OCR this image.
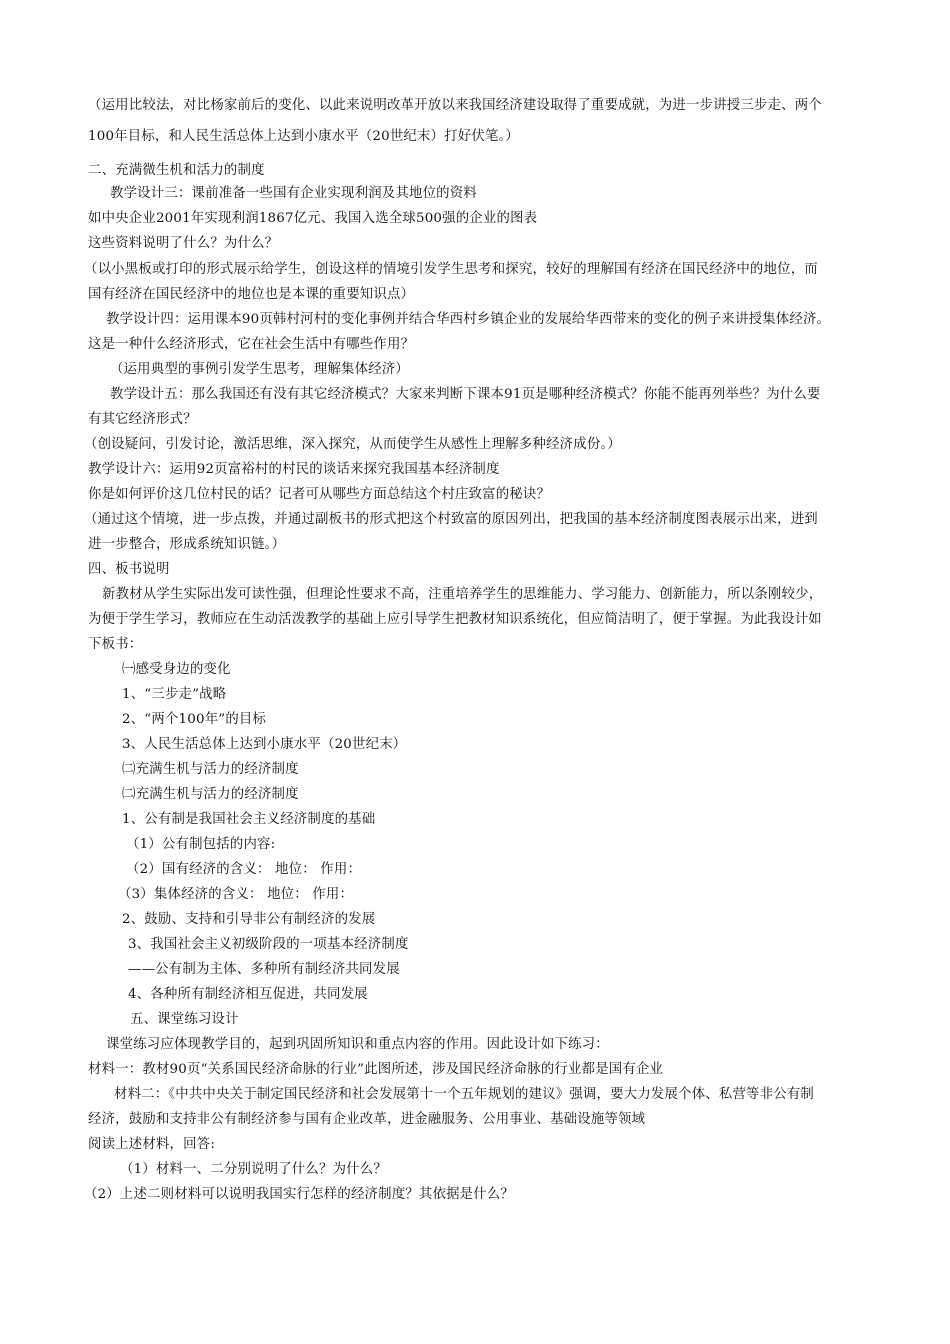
（运用比较法，对比杨家前后的变化、以此来说明改革开放以来我国经济建设取得了重要成就，为进一步讲授三步走、两个
100年目标，和人民生活总体上达到小康水平（20世纪末）打好伏笔。）
二、充满微生机和活力的制度
教学设计三：课前准备一些国有企业实现利润及其地位的资料
如中央企业2001年实现利润1867亿元、我国入选全球500强的企业的图表
这些资料说明了什么？为什么？
（以小黑板或打印的形式展示给学生，创设这样的情境引发学生思考和探究，较好的理解国有经济在国民经济中的地位，而
国有经济在国民经济中的地位也是本课的重要知识点）
教学设计四：运用课本90页韩村河村的变化事例并结合华西村乡镇企业的发展给华西带来的变化的例子来讲授集体经济。
这是一种什么经济形式，它在社会生活中有哪些作用？
（运用典型的事例引发学生思考，理解集体经济）
教学设计五：那么我国还有没有其它经济模式？大家来判断下课本91页是哪种经济模式？你能不能再列举些？为什么要
有其它经济形式？
（创设疑问，引发讨论，激活思维，深入探究，从而使学生从感性上理解多种经济成份。）
教学设计六：运用92页富裕村的村民的谈话来探究我国基本经济制度
你是如何评价这几位村民的话？记者可从哪些方面总结这个村庄致富的秘诀？
（通过这个情境，进一步点拨，并通过副板书的形式把这个村致富的原因列出，把我国的基本经济制度图表展示出来，进到
进一步整合，形成系统知识链。）
四、板书说明
新教材从学生实际出发可读性强，但理论性要求不高，注重培养学生的思维能力、学习能力、创新能力，所以条刚较少，
为便于学生学习，教师应在生动活泼教学的基础上应引导学生把教材知识系统化，但应简洁明了，便于掌握。为此我设计如
下板书：
㈠感受身边的变化
1、“三步走”战略
2、“两个100年”的目标
3、人民生活总体上达到小康水平（20世纪末）
㈡充满生机与活力的经济制度
㈡充满生机与活力的经济制度
1、公有制是我国社会主义经济制度的基础
（1）公有制包括的内容:
（2）国有经济的含义： 地位： 作用：
（3）集体经济的含义： 地位： 作用：
2、鼓励、支持和引导非公有制经济的发展
3、我国社会主义初级阶段的一项基本经济制度
——公有制为主体、多种所有制经济共同发展
4、各种所有制经济相互促进，共同发展
五、课堂练习设计
课堂练习应体现教学目的，起到巩固所知识和重点内容的作用。因此设计如下练习：
材料一：教材90页“关系国民经济命脉的行业”此图所述，涉及国民经济命脉的行业都是国有企业
材料二：《中共中央关于制定国民经济和社会发展第十一个五年规划的建议》强调，要大力发展个体、私营等非公有制
经济，鼓励和支持非公有制经济参与国有企业改革，进金融服务、公用事业、基础设施等领域
阅读上述材料，回答:
（1）材料一、二分别说明了什么？为什么？
（2）上述二则材料可以说明我国实行怎样的经济制度？其依据是什么？
